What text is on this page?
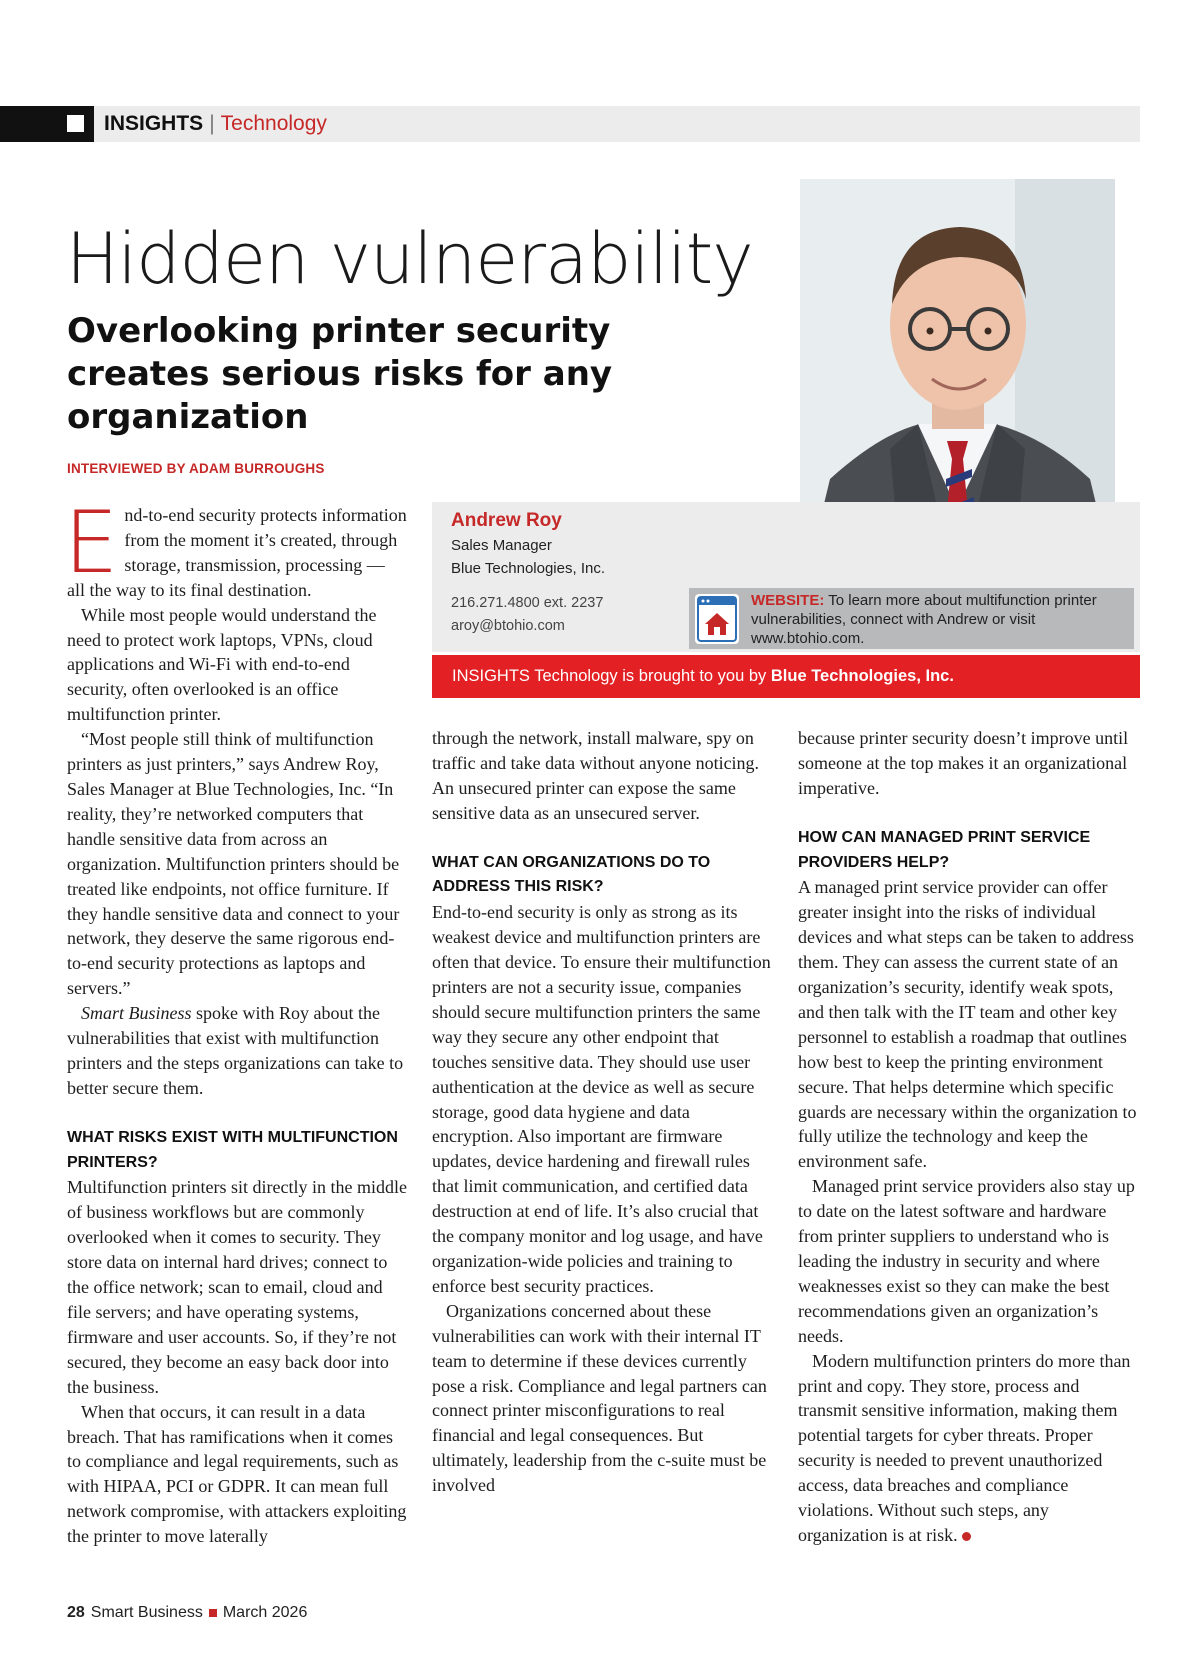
INSIGHTS | Technology
Hidden vulnerability
Overlooking printer security creates serious risks for any organization
INTERVIEWED BY ADAM BURROUGHS
Andrew Roy
Sales Manager
Blue Technologies, Inc.
216.271.4800 ext. 2237
aroy@btohio.com
WEBSITE: To learn more about multifunction printer vulnerabilities, connect with Andrew or visit www.btohio.com.
INSIGHTS Technology is brought to you by Blue Technologies, Inc.

End-to-end security protects information from the moment it’s created, through storage, transmission, processing — all the way to its final destination.

While most people would understand the need to protect work laptops, VPNs, cloud applications and Wi-Fi with end-to-end security, often overlooked is an office multifunction printer.

“Most people still think of multifunction printers as just printers,” says Andrew Roy, Sales Manager at Blue Technologies, Inc. “In reality, they’re networked computers that handle sensitive data from across an organization. Multifunction printers should be treated like endpoints, not office furniture. If they handle sensitive data and connect to your network, they deserve the same rigorous end-to-end security protections as laptops and servers.”

Smart Business spoke with Roy about the vulnerabilities that exist with multifunction printers and the steps organizations can take to better secure them.

WHAT RISKS EXIST WITH MULTIFUNCTION PRINTERS?

Multifunction printers sit directly in the middle of business workflows but are commonly overlooked when it comes to security. They store data on internal hard drives; connect to the office network; scan to email, cloud and file servers; and have operating systems, firmware and user accounts. So, if they’re not secured, they become an easy back door into the business.

When that occurs, it can result in a data breach. That has ramifications when it comes to compliance and legal requirements, such as with HIPAA, PCI or GDPR. It can mean full network compromise, with attackers exploiting the printer to move laterally

through the network, install malware, spy on traffic and take data without anyone noticing. An unsecured printer can expose the same sensitive data as an unsecured server.

WHAT CAN ORGANIZATIONS DO TO ADDRESS THIS RISK?

End-to-end security is only as strong as its weakest device and multifunction printers are often that device. To ensure their multifunction printers are not a security issue, companies should secure multifunction printers the same way they secure any other endpoint that touches sensitive data. They should use user authentication at the device as well as secure storage, good data hygiene and data encryption. Also important are firmware updates, device hardening and firewall rules that limit communication, and certified data destruction at end of life. It’s also crucial that the company monitor and log usage, and have organization-wide policies and training to enforce best security practices.

Organizations concerned about these vulnerabilities can work with their internal IT team to determine if these devices currently pose a risk. Compliance and legal partners can connect printer misconfigurations to real financial and legal consequences. But ultimately, leadership from the c-suite must be involved

because printer security doesn’t improve until someone at the top makes it an organizational imperative.

HOW CAN MANAGED PRINT SERVICE PROVIDERS HELP?

A managed print service provider can offer greater insight into the risks of individual devices and what steps can be taken to address them. They can assess the current state of an organization’s security, identify weak spots, and then talk with the IT team and other key personnel to establish a roadmap that outlines how best to keep the printing environment secure. That helps determine which specific guards are necessary within the organization to fully utilize the technology and keep the environment safe.

Managed print service providers also stay up to date on the latest software and hardware from printer suppliers to understand who is leading the industry in security and where weaknesses exist so they can make the best recommendations given an organization’s needs.

Modern multifunction printers do more than print and copy. They store, process and transmit sensitive information, making them potential targets for cyber threats. Proper security is needed to prevent unauthorized access, data breaches and compliance violations. Without such steps, any organization is at risk.

28 Smart Business March 2026
